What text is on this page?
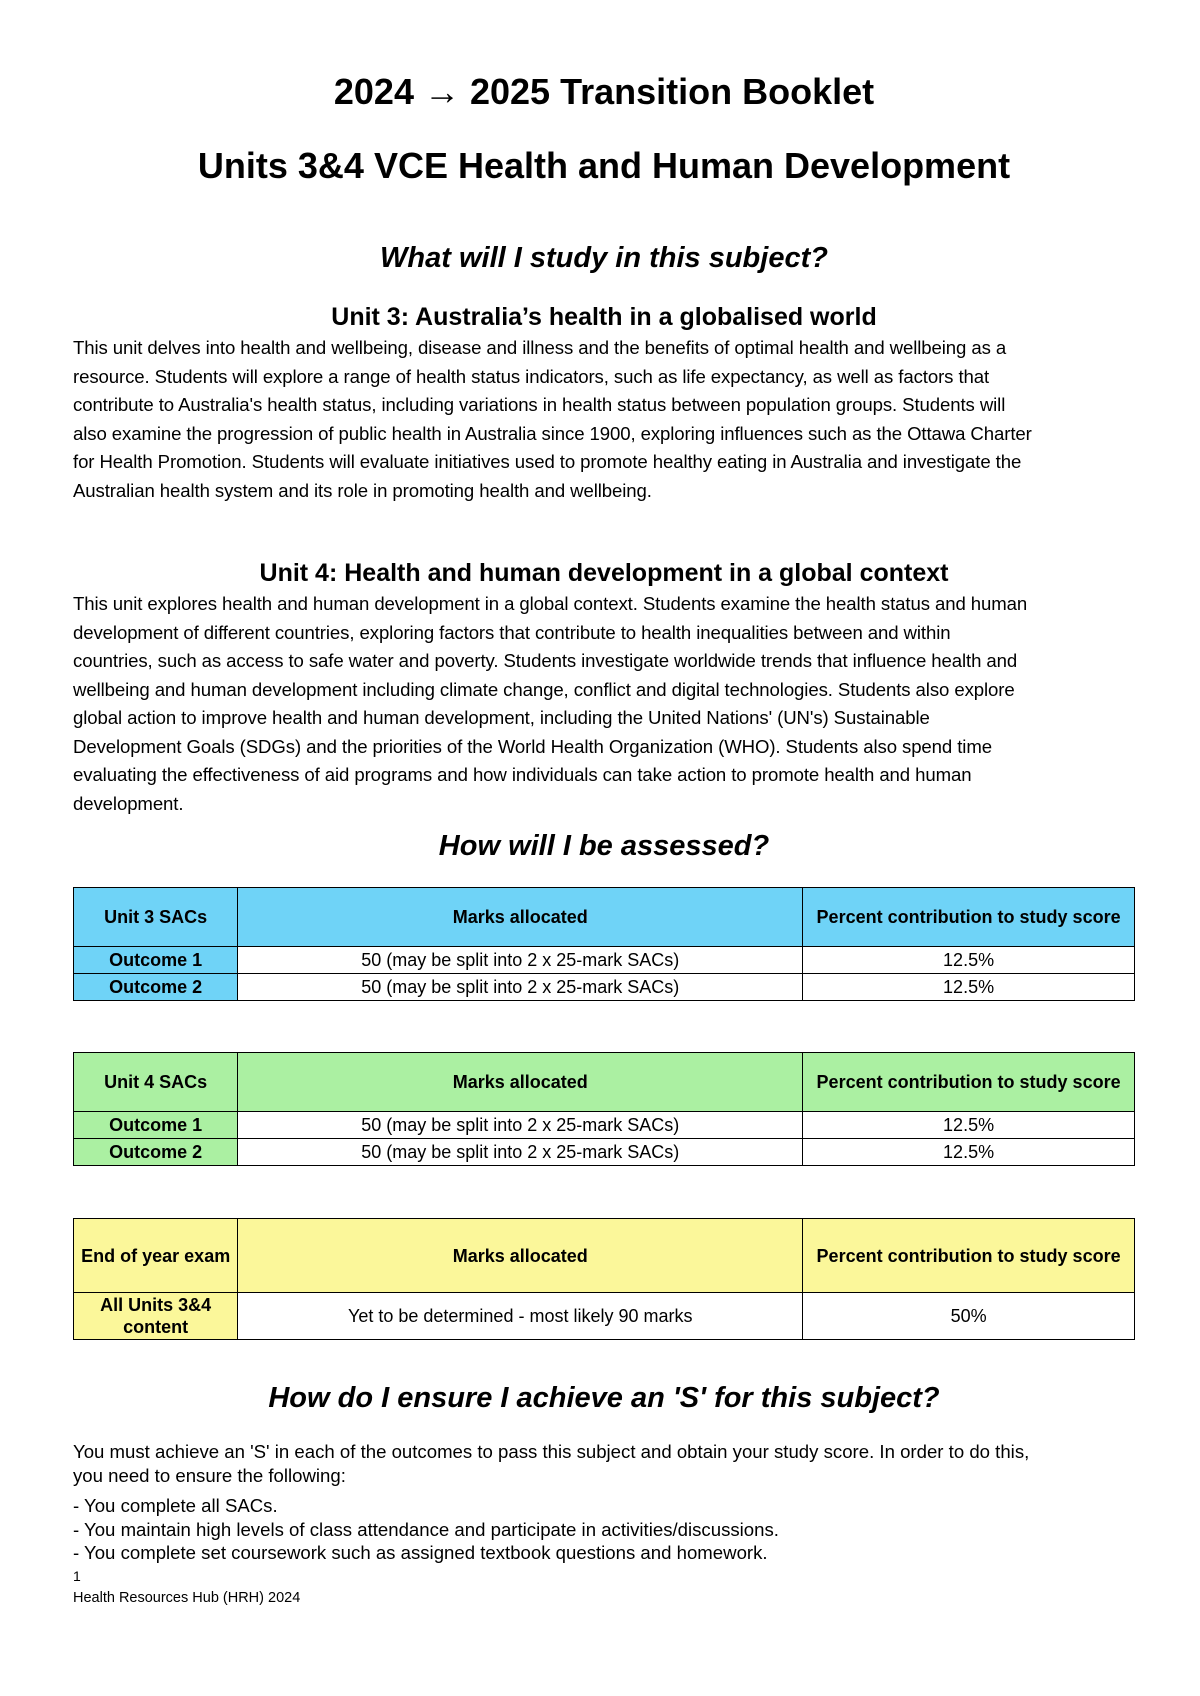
2024 → 2025 Transition Booklet
Units 3&4 VCE Health and Human Development
What will I study in this subject?
Unit 3: Australia’s health in a globalised world
This unit delves into health and wellbeing, disease and illness and the benefits of optimal health and wellbeing as a
resource. Students will explore a range of health status indicators, such as life expectancy, as well as factors that
contribute to Australia's health status, including variations in health status between population groups. Students will
also examine the progression of public health in Australia since 1900, exploring influences such as the Ottawa Charter
for Health Promotion. Students will evaluate initiatives used to promote healthy eating in Australia and investigate the
Australian health system and its role in promoting health and wellbeing.
Unit 4: Health and human development in a global context
This unit explores health and human development in a global context. Students examine the health status and human
development of different countries, exploring factors that contribute to health inequalities between and within
countries, such as access to safe water and poverty. Students investigate worldwide trends that influence health and
wellbeing and human development including climate change, conflict and digital technologies. Students also explore
global action to improve health and human development, including the United Nations' (UN's) Sustainable
Development Goals (SDGs) and the priorities of the World Health Organization (WHO). Students also spend time
evaluating the effectiveness of aid programs and how individuals can take action to promote health and human
development.
How will I be assessed?
Unit 3 SACs	Marks allocated	Percent contribution to study score
Outcome 1	50 (may be split into 2 x 25-mark SACs)	12.5%
Outcome 2	50 (may be split into 2 x 25-mark SACs)	12.5%
Unit 4 SACs	Marks allocated	Percent contribution to study score
Outcome 1	50 (may be split into 2 x 25-mark SACs)	12.5%
Outcome 2	50 (may be split into 2 x 25-mark SACs)	12.5%
End of year exam	Marks allocated	Percent contribution to study score
All Units 3&4 content	Yet to be determined - most likely 90 marks	50%
How do I ensure I achieve an 'S' for this subject?
You must achieve an 'S' in each of the outcomes to pass this subject and obtain your study score. In order to do this,
you need to ensure the following:
- You complete all SACs.
- You maintain high levels of class attendance and participate in activities/discussions.
- You complete set coursework such as assigned textbook questions and homework.
1
Health Resources Hub (HRH) 2024
